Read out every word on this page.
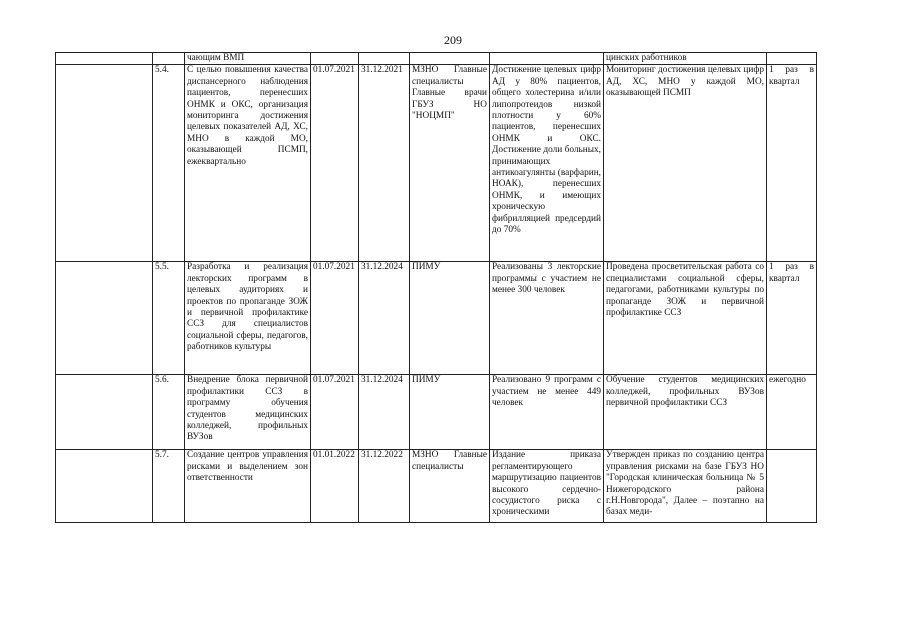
209
		чающим ВМП					цинских работников	
	5.4.	С целью повышения качества диспансерного наблюдения пациентов, перенесших ОНМК и ОКС, организация мониторинга достижения целевых показателей АД, ХС, МНО в каждой МО, оказывающей ПСМП, ежеквартально	01.07.2021	31.12.2021	МЗНО Главные специалисты Главные врачи ГБУЗ НО "НОЦМП"	Достижение целевых цифр АД у 80% пациентов, общего холестерина и/или липопротеидов низкой плотности у 60% пациентов, перенесших ОНМК и ОКС. Достижение доли больных, принимающих антикоагулянты (варфарин, НОАК), перенесших ОНМК, и имеющих хроническую фибрилляцией предсердий до 70%	Мониторинг достижения целевых цифр АД, ХС, МНО у каждой МО, оказывающей ПСМП	1 раз в квартал
	5.5.	Разработка и реализация лекторских программ в целевых аудиториях и проектов по пропаганде ЗОЖ и первичной профилактике ССЗ для специалистов социальной сферы, педагогов, работников культуры	01.07.2021	31.12.2024	ПИМУ	Реализованы 3 лекторские программы с участием не менее 300 человек	Проведена просветительская работа со специалистами социальной сферы, педагогами, работниками культуры по пропаганде ЗОЖ и первичной профилактике ССЗ	1 раз в квартал
	5.6.	Внедрение блока первичной профилактики ССЗ в программу обучения студентов медицинских колледжей, профильных ВУЗов	01.07.2021	31.12.2024	ПИМУ	Реализовано 9 программ с участием не менее 449 человек	Обучение студентов медицинских колледжей, профильных ВУЗов первичной профилактики ССЗ	ежегодно
	5.7.	Создание центров управления рисками и выделением зон ответственности	01.01.2022	31.12.2022	МЗНО Главные специалисты	Издание приказа регламентирующего маршрутизацию пациентов высокого сердечно-сосудистого риска с хроническими	Утвержден приказ по созданию центра управления рисками на базе ГБУЗ НО "Городская клиническая больница № 5 Нижегородского района г.Н.Новгорода", Далее – поэтапно на базах меди-	
